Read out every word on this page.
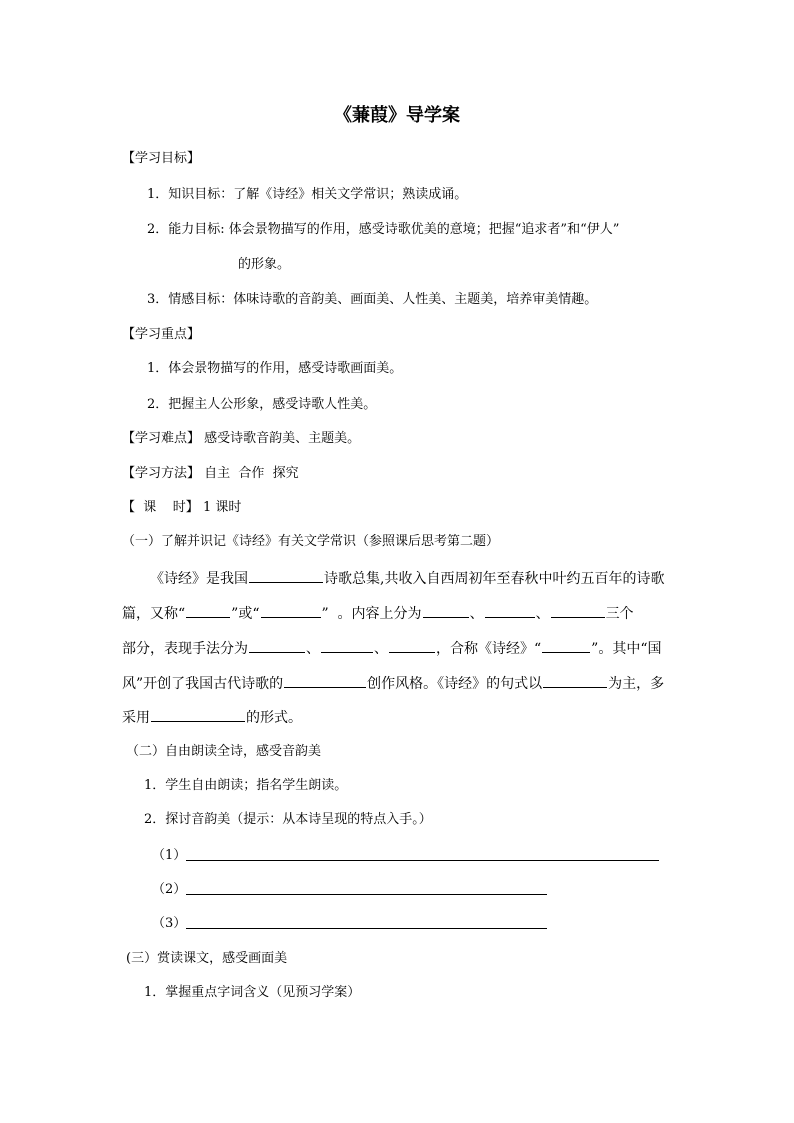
《蒹葭》导学案
【学习目标】
1．知识目标：了解《诗经》相关文学常识；熟读成诵。
2．能力目标: 体会景物描写的作用，感受诗歌优美的意境；把握“追求者”和“伊人”
的形象。
3．情感目标：体味诗歌的音韵美、画面美、人性美、主题美，培养审美情趣。
【学习重点】
1．体会景物描写的作用，感受诗歌画面美。
2．把握主人公形象，感受诗歌人性美。
【学习难点】 感受诗歌音韵美、主题美。
【学习方法】 自主  合作  探究
【  课    时】 1 课时
（一）了解并识记《诗经》有关文学常识（参照课后思考第二题）
《诗经》是我国	诗歌总集,共收入自西周初年至春秋中叶约五百年的诗歌
篇，又称“	”或“	”  。内容上分为	、	、	三个
部分，表现手法分为	、	、	，合称《诗经》“	”。其中“国
风”开创了我国古代诗歌的	创作风格。《诗经》的句式以	为主，多
采用	的形式。
（二）自由朗读全诗，感受音韵美
1．学生自由朗读；指名学生朗读。
2．探讨音韵美（提示：从本诗呈现的特点入手。）
（1）
（2）
（3）
(三）赏读课文，感受画面美
1．掌握重点字词含义（见预习学案）
